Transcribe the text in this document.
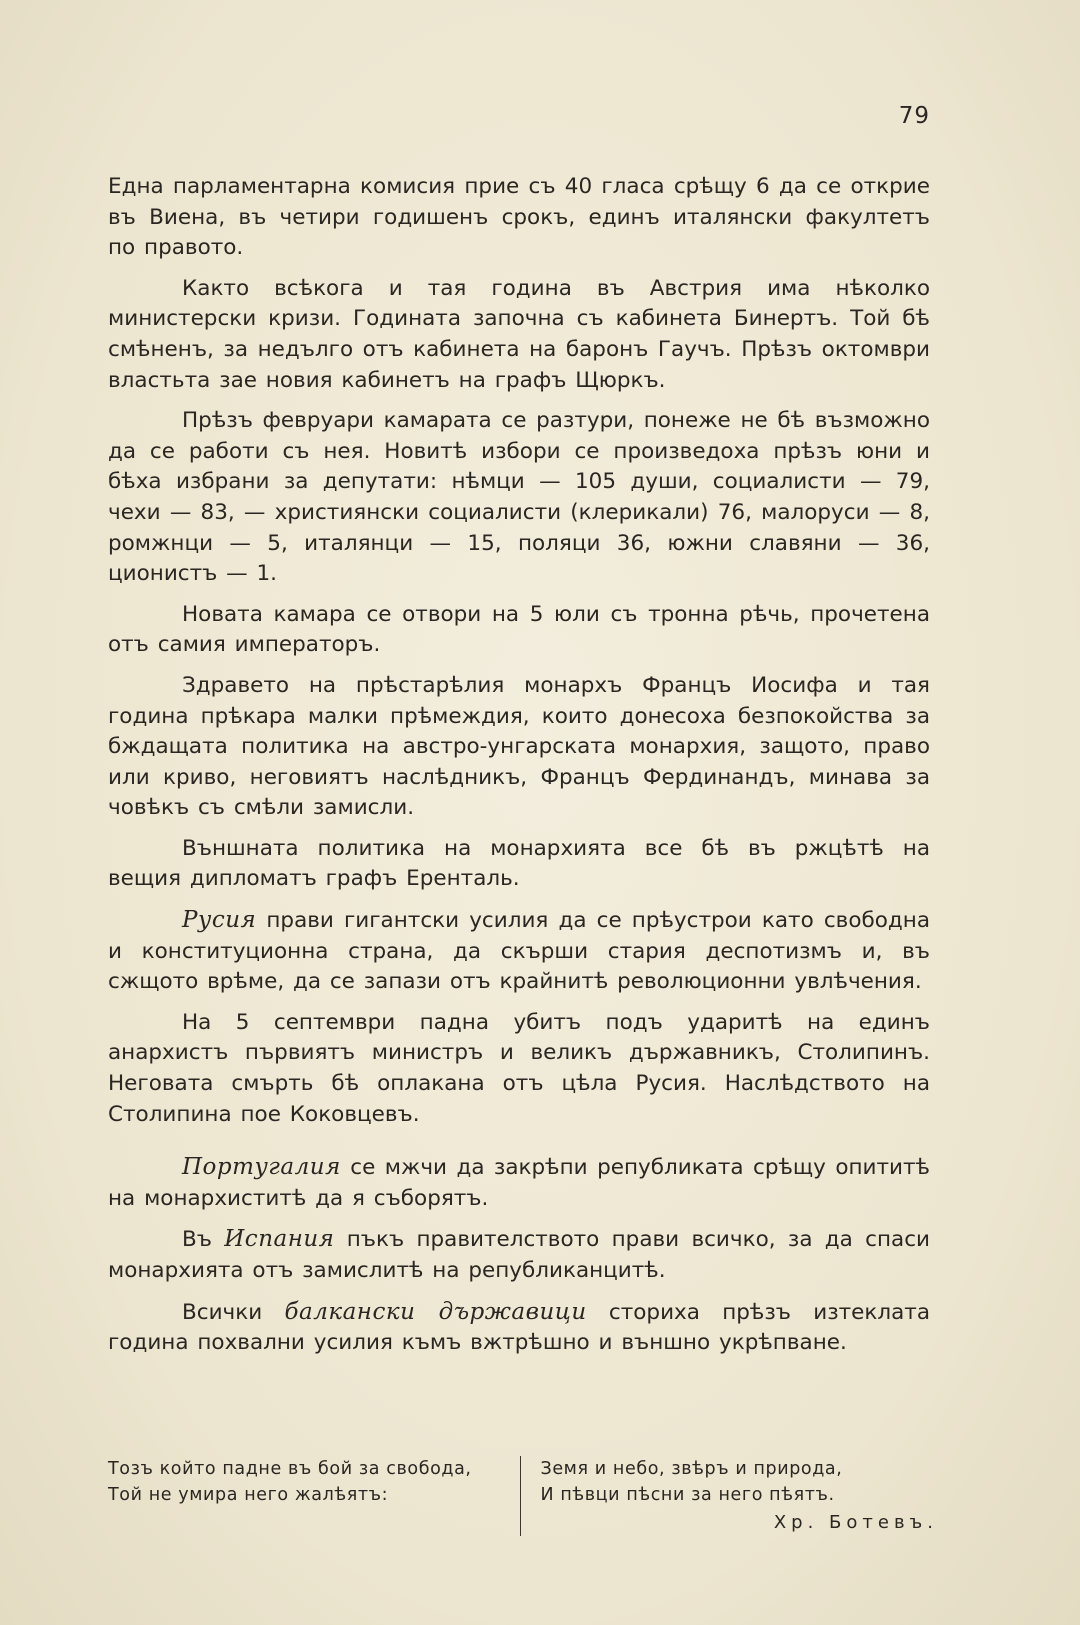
79

Една парламентарна комисия прие съ 40 гласа срѣщу 6 да се открие въ Виена, въ четири годишенъ срокъ, единъ италянски факултетъ по правото.

Както всѣкога и тая година въ Австрия има нѣколко министерски кризи. Годината започна съ кабинета Бинертъ. Той бѣ смѣненъ, за недълго отъ кабинета на баронъ Гаучъ. Прѣзъ октомври властьта зае новия кабинетъ на графъ Щюркъ.

Прѣзъ февруари камарата се разтури, понеже не бѣ възможно да се работи съ нея. Новитѣ избори се произведоха прѣзъ юни и бѣха избрани за депутати: нѣмци — 105 души, социалисти — 79, чехи — 83, — християнски социалисти (клерикали) 76, малоруси — 8, ромжнци — 5, италянци — 15, поляци 36, южни славяни — 36, ционистъ — 1.

Новата камара се отвори на 5 юли съ тронна рѣчь, прочетена отъ самия императоръ.

Здравето на прѣстарѣлия монархъ Францъ Иосифа и тая година прѣкара малки прѣмеждия, които донесоха безпокойства за бждащата политика на австро-унгарската монархия, защото, право или криво, неговиятъ наслѣдникъ, Францъ Фердинандъ, минава за човѣкъ съ смѣли замисли.

Външната политика на монархията все бѣ въ ржцѣтѣ на вещия дипломатъ графъ Еренталь.

Русия прави гигантски усилия да се прѣустрои като свободна и конституционна страна, да скърши стария деспотизмъ и, въ сжщото врѣме, да се запази отъ крайнитѣ революционни увлѣчения.

На 5 септември падна убитъ подъ ударитѣ на единъ анархистъ първиятъ министръ и великъ държавникъ, Столипинъ. Неговата смърть бѣ оплакана отъ цѣла Русия. Наслѣдството на Столипина пое Коковцевъ.

Португалия се мжчи да закрѣпи републиката срѣщу опититѣ на монархиститѣ да я съборятъ.

Въ Испания пъкъ правителството прави всичко, за да спаси монархията отъ замислитѣ на републиканцитѣ.

Всички балкански държавици сториха прѣзъ изтеклата година похвални усилия къмъ вжтрѣшно и външно укрѣпване.

Тозъ който падне въ бой за свобода,
Той не умира него жалѣятъ:
Земя и небо, звѣръ и природа,
И пѣвци пѣсни за него пѣятъ.
Хр. Ботевъ.
